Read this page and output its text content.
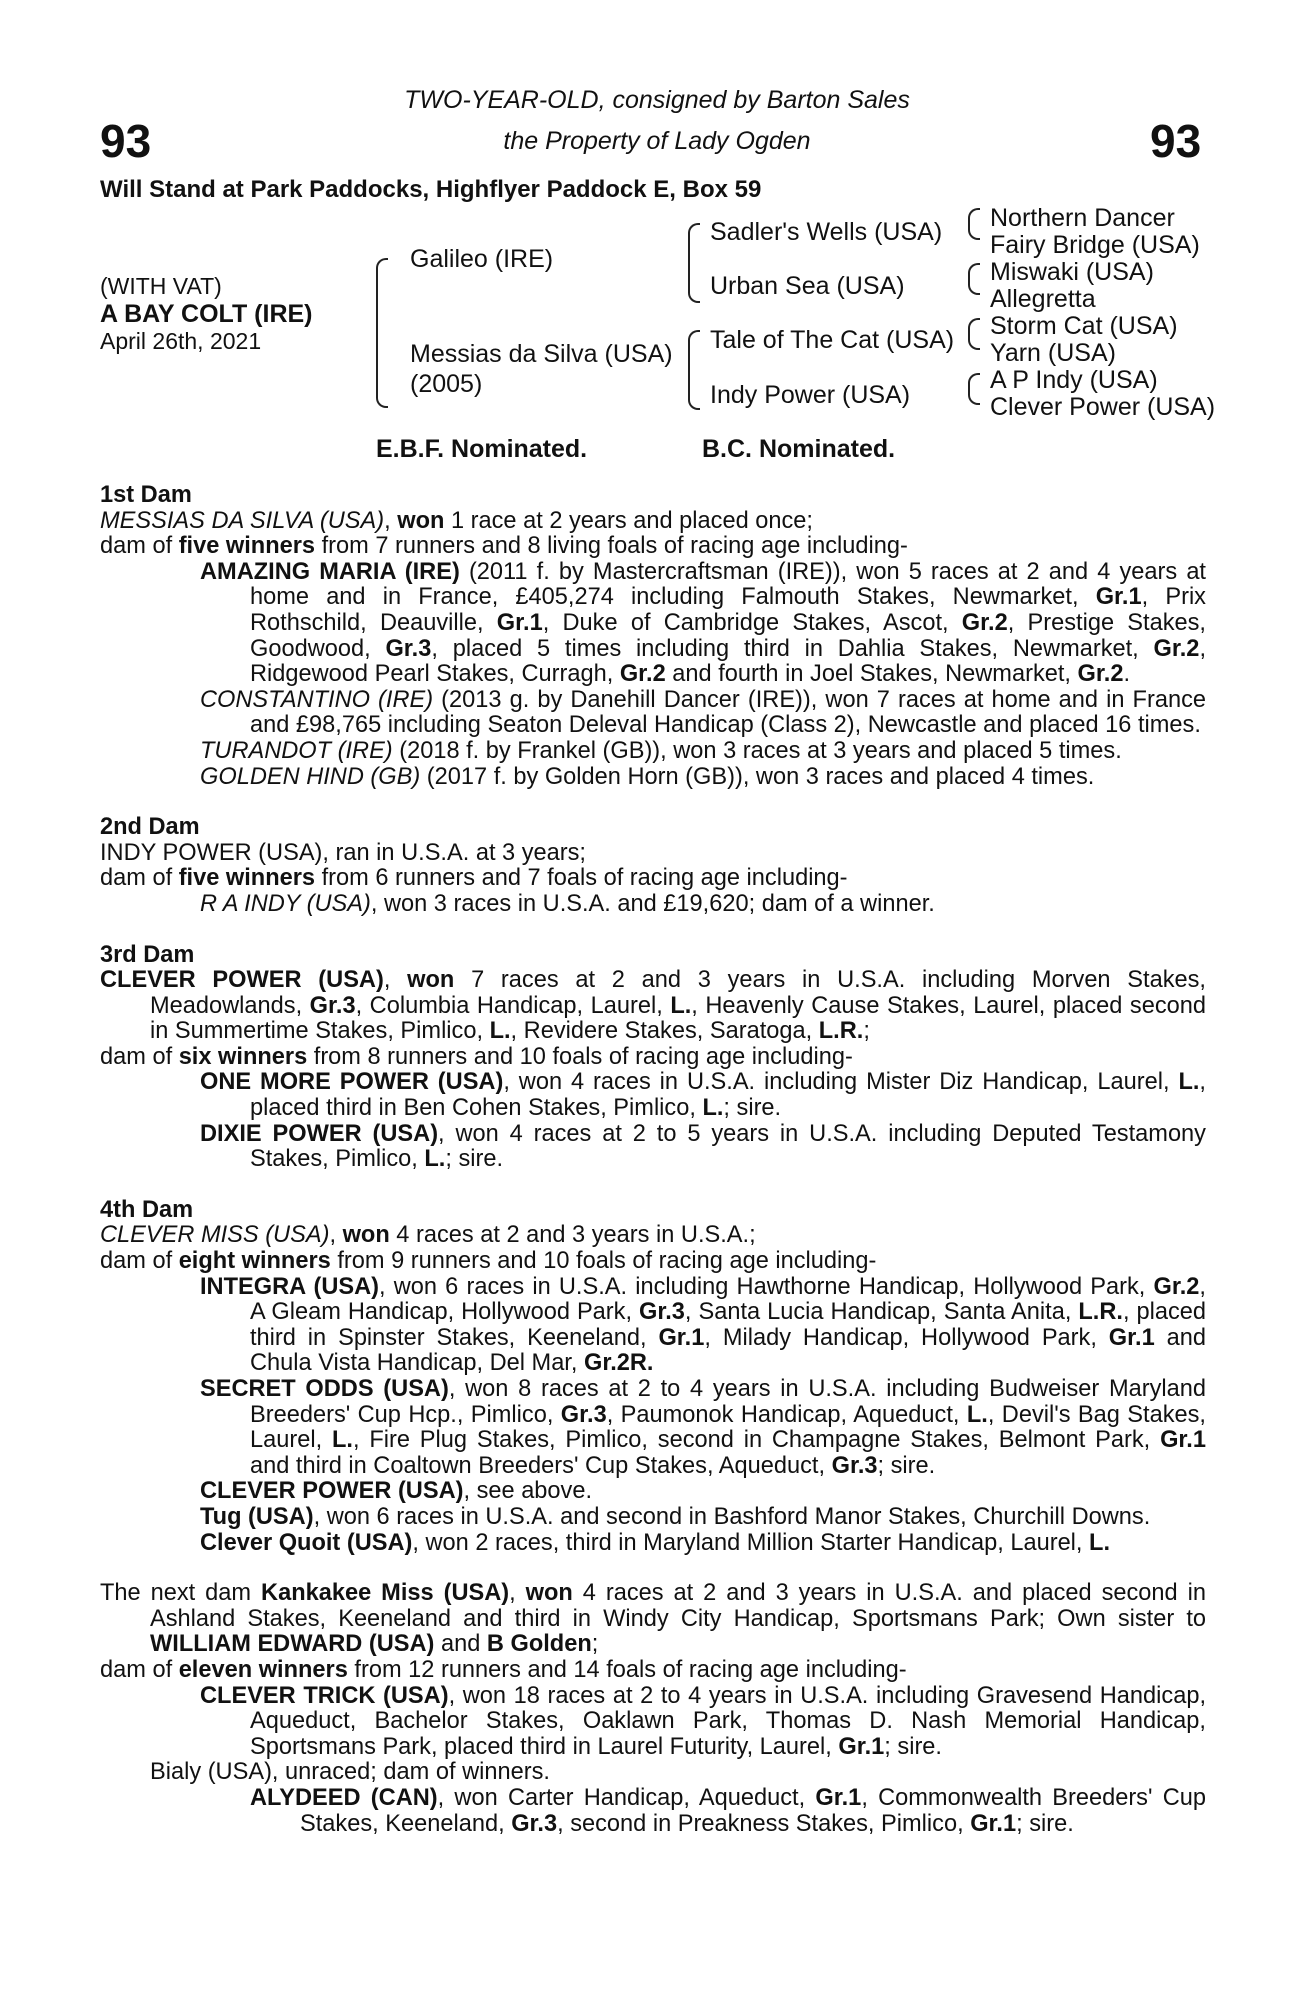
93	93
TWO-YEAR-OLD, consigned by Barton Sales
the Property of Lady Ogden
Will Stand at Park Paddocks, Highflyer Paddock E, Box 59
(WITH VAT)
A BAY COLT (IRE)
April 26th, 2021
Galileo (IRE)
Messias da Silva (USA)
(2005)
Sadler's Wells (USA)
Urban Sea (USA)
Tale of The Cat (USA)
Indy Power (USA)
Northern Dancer
Fairy Bridge (USA)
Miswaki (USA)
Allegretta
Storm Cat (USA)
Yarn (USA)
A P Indy (USA)
Clever Power (USA)
E.B.F. Nominated.	B.C. Nominated.

1st Dam

MESSIAS DA SILVA (USA), won 1 race at 2 years and placed once;

dam of five winners from 7 runners and 8 living foals of racing age including-

AMAZING MARIA (IRE) (2011 f. by Mastercraftsman (IRE)), won 5 races at 2 and 4 years at home and in France, £405,274 including Falmouth Stakes, Newmarket, Gr.1, Prix Rothschild, Deauville, Gr.1, Duke of Cambridge Stakes, Ascot, Gr.2, Prestige Stakes, Goodwood, Gr.3, placed 5 times including third in Dahlia Stakes, Newmarket, Gr.2, Ridgewood Pearl Stakes, Curragh, Gr.2 and fourth in Joel Stakes, Newmarket, Gr.2.

CONSTANTINO (IRE) (2013 g. by Danehill Dancer (IRE)), won 7 races at home and in France and £98,765 including Seaton Deleval Handicap (Class 2), Newcastle and placed 16 times.

TURANDOT (IRE) (2018 f. by Frankel (GB)), won 3 races at 3 years and placed 5 times.

GOLDEN HIND (GB) (2017 f. by Golden Horn (GB)), won 3 races and placed 4 times.

2nd Dam

INDY POWER (USA), ran in U.S.A. at 3 years;

dam of five winners from 6 runners and 7 foals of racing age including-

R A INDY (USA), won 3 races in U.S.A. and £19,620; dam of a winner.

3rd Dam

CLEVER POWER (USA), won 7 races at 2 and 3 years in U.S.A. including Morven Stakes, Meadowlands, Gr.3, Columbia Handicap, Laurel, L., Heavenly Cause Stakes, Laurel, placed second in Summertime Stakes, Pimlico, L., Revidere Stakes, Saratoga, L.R.;

dam of six winners from 8 runners and 10 foals of racing age including-

ONE MORE POWER (USA), won 4 races in U.S.A. including Mister Diz Handicap, Laurel, L., placed third in Ben Cohen Stakes, Pimlico, L.; sire.

DIXIE POWER (USA), won 4 races at 2 to 5 years in U.S.A. including Deputed Testamony Stakes, Pimlico, L.; sire.

4th Dam

CLEVER MISS (USA), won 4 races at 2 and 3 years in U.S.A.;

dam of eight winners from 9 runners and 10 foals of racing age including-

INTEGRA (USA), won 6 races in U.S.A. including Hawthorne Handicap, Hollywood Park, Gr.2, A Gleam Handicap, Hollywood Park, Gr.3, Santa Lucia Handicap, Santa Anita, L.R., placed third in Spinster Stakes, Keeneland, Gr.1, Milady Handicap, Hollywood Park, Gr.1 and Chula Vista Handicap, Del Mar, Gr.2R.

SECRET ODDS (USA), won 8 races at 2 to 4 years in U.S.A. including Budweiser Maryland Breeders' Cup Hcp., Pimlico, Gr.3, Paumonok Handicap, Aqueduct, L., Devil's Bag Stakes, Laurel, L., Fire Plug Stakes, Pimlico, second in Champagne Stakes, Belmont Park, Gr.1 and third in Coaltown Breeders' Cup Stakes, Aqueduct, Gr.3; sire.

CLEVER POWER (USA), see above.

Tug (USA), won 6 races in U.S.A. and second in Bashford Manor Stakes, Churchill Downs.

Clever Quoit (USA), won 2 races, third in Maryland Million Starter Handicap, Laurel, L.

The next dam Kankakee Miss (USA), won 4 races at 2 and 3 years in U.S.A. and placed second in Ashland Stakes, Keeneland and third in Windy City Handicap, Sportsmans Park; Own sister to WILLIAM EDWARD (USA) and B Golden;

dam of eleven winners from 12 runners and 14 foals of racing age including-

CLEVER TRICK (USA), won 18 races at 2 to 4 years in U.S.A. including Gravesend Handicap, Aqueduct, Bachelor Stakes, Oaklawn Park, Thomas D. Nash Memorial Handicap, Sportsmans Park, placed third in Laurel Futurity, Laurel, Gr.1; sire.

Bialy (USA), unraced; dam of winners.

ALYDEED (CAN), won Carter Handicap, Aqueduct, Gr.1, Commonwealth Breeders' Cup Stakes, Keeneland, Gr.3, second in Preakness Stakes, Pimlico, Gr.1; sire.
